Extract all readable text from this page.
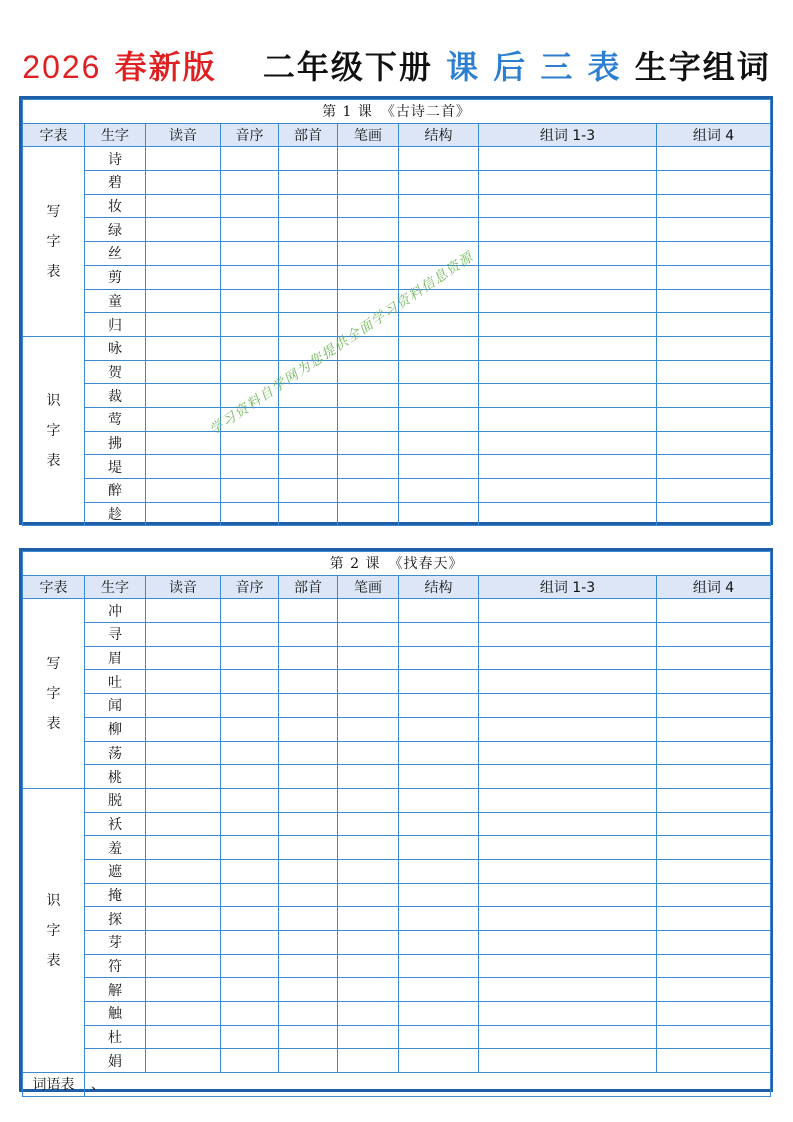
2026 春新版 二年级下册 课 后 三 表 生字组词
第 1 课　《古诗二首》								
字表	生字	读音	音序	部首	笔画	结构	组词 1-3	组词 4
写
字
表	诗							
	碧							
	妆							
	绿							
	丝							
	剪							
	童							
	归							
识
字
表	咏							
	贺							
	裁							
	莺							
	拂							
	堤							
	醉							
	趁							
第 2 课　《找春天》								
字表	生字	读音	音序	部首	笔画	结构	组词 1-3	组词 4
写
字
表	冲							
	寻							
	眉							
	吐							
	闻							
	柳							
	荡							
	桃							
识
字
表	脱							
	袄							
	羞							
	遮							
	掩							
	探							
	芽							
	符							
	解							
	触							
	杜							
	娟							
词语表	、							
学习资料自学网为您提供全面学习资料信息资源
